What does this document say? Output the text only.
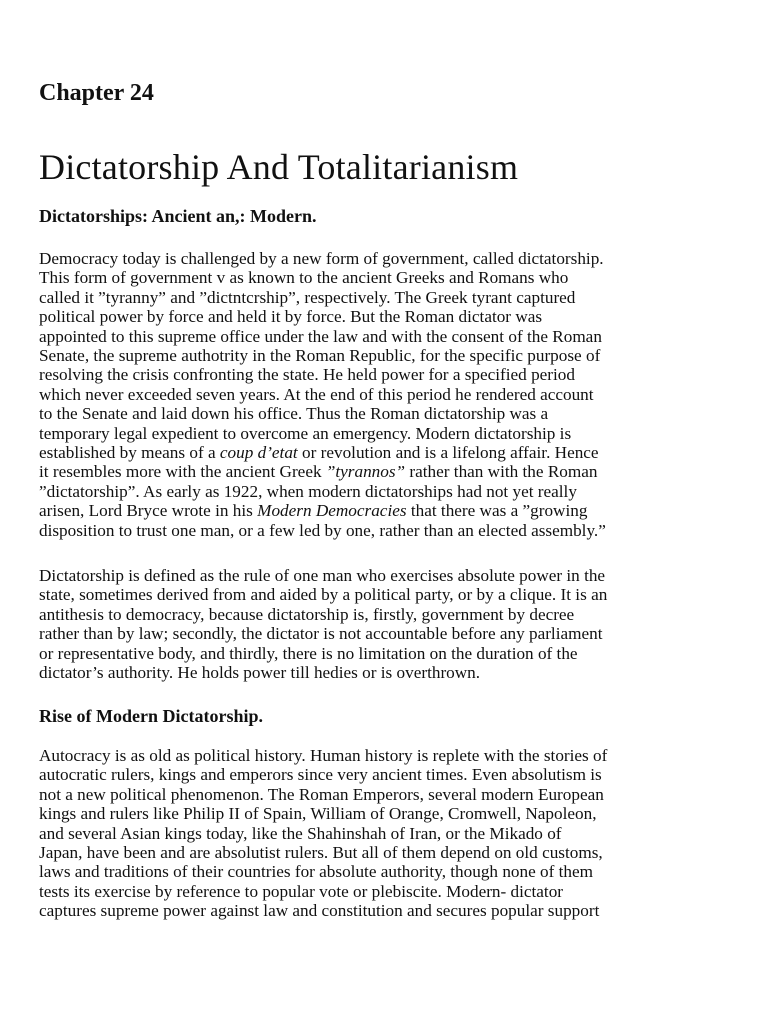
Chapter 24
Dictatorship And Totalitarianism
Dictatorships: Ancient an,: Modern.

Democracy today is challenged by a new form of government, called dictatorship.
This form of government v as known to the ancient Greeks and Romans who
called it ”tyranny” and ”dictntcrship”, respectively. The Greek tyrant captured
political power by force and held it by force. But the Roman dictator was
appointed to this supreme office under the law and with the consent of the Roman
Senate, the supreme authotrity in the Roman Republic, for the specific purpose of
resolving the crisis confronting the state. He held power for a specified period
which never exceeded seven years. At the end of this period he rendered account
to the Senate and laid down his office. Thus the Roman dictatorship was a
temporary legal expedient to overcome an emergency. Modern dictatorship is
established by means of a coup d’etat or revolution and is a lifelong affair. Hence
it resembles more with the ancient Greek ”tyrannos” rather than with the Roman
”dictatorship”. As early as 1922, when modern dictatorships had not yet really
arisen, Lord Bryce wrote in his Modern Democracies that there was a ”growing
disposition to trust one man, or a few led by one, rather than an elected assembly.”

Dictatorship is defined as the rule of one man who exercises absolute power in the
state, sometimes derived from and aided by a political party, or by a clique. It is an
antithesis to democracy, because dictatorship is, firstly, government by decree
rather than by law; secondly, the dictator is not accountable before any parliament
or representative body, and thirdly, there is no limitation on the duration of the
dictator’s authority. He holds power till hedies or is overthrown.

Rise of Modern Dictatorship.

Autocracy is as old as political history. Human history is replete with the stories of
autocratic rulers, kings and emperors since very ancient times. Even absolutism is
not a new political phenomenon. The Roman Emperors, several modern European
kings and rulers like Philip II of Spain, William of Orange, Cromwell, Napoleon,
and several Asian kings today, like the Shahinshah of Iran, or the Mikado of
Japan, have been and are absolutist rulers. But all of them depend on old customs,
laws and traditions of their countries for absolute authority, though none of them
tests its exercise by reference to popular vote or plebiscite. Modern- dictator
captures supreme power against law and constitution and secures popular support
